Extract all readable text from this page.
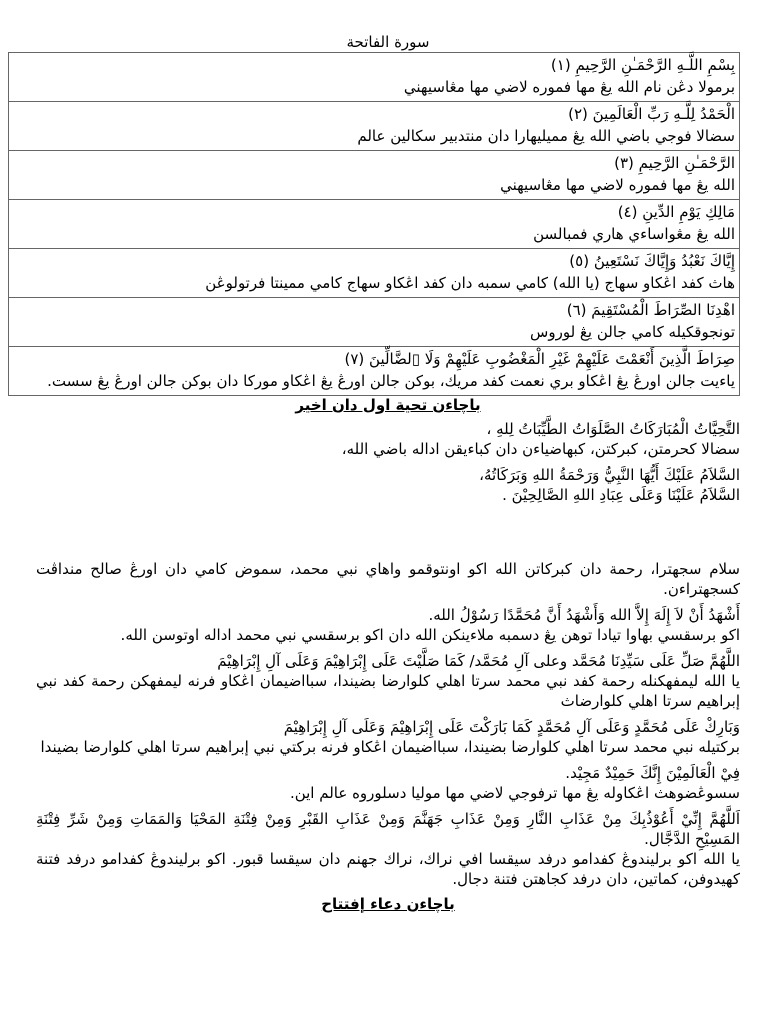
سورة الفاتحة
بِسْمِ اللَّـهِ الرَّحْمَـٰنِ الرَّحِيمِ (١)
برمولا دڠن نام الله يڠ مها فموره لاضي مها مڠاسيهني

الْحَمْدُ لِلَّـهِ رَبِّ الْعَالَمِينَ (٢)
سضالا فوجي باضي الله يڠ مميليهارا دان منتدبير سكالين عالم

الرَّحْمَـٰنِ الرَّحِيمِ (٣)
الله يڠ مها فموره لاضي مها مڠاسيهني

مَالِكِ يَوْمِ الدِّينِ (٤)
الله يڠ مڠواساءي هاري فمبالسن

إِيَّاكَ نَعْبُدُ وَإِيَّاكَ نَسْتَعِينُ (٥)
هاث كفد اڠكاو سهاج (يا الله) كامي سمبه دان كفد اڠكاو سهاج كامي ممينتا فرتولوڠن

اهْدِنَا الصِّرَاطَ الْمُسْتَقِيمَ (٦)
تونجوقكيله كامي جالن يڠ لوروس

صِرَاطَ الَّذِينَ أَنْعَمْتَ عَلَيْهِمْ غَيْرِ الْمَغْضُوبِ عَلَيْهِمْ وَلَا ▯لضَّالِّينَ (٧)
ياءيت جالن اورڠ يڠ اڠكاو بري نعمت كفد مريك، بوكن جالن اورڠ يڠ اڠكاو موركا دان بوكن جالن اورڠ يڠ سست.

باچاءن تحية اول دان اخير

التَّحِيَّاتُ الْمُبَارَكَاتُ الصَّلَوَاتُ الطَّيِّبَاتُ لِلهِ ،

سضالا كحرمتن، كبركتن، كبهاضياءن دان كباءيقن اداله باضي الله،

السَّلاَمُ عَلَيْكَ أَيُّهَا النَّبِيُّ وَرَحْمَةُ اللهِ وَبَرَكَاتُهُ،

السَّلاَمُ عَلَيْنَا وَعَلَى عِبَادِ اللهِ الصَّالِحِيْنَ .

سلام سجهترا، رحمة دان كبركاتن الله اكو اونتوقمو واهاي نبي محمد، سموض كامي دان اورڠ صالح منداڤت كسجهتراءن.

أَشْهَدُ أَنْ لاَ إِلَهَ إِلاَّ الله وَأَشْهَدُ أَنَّ مُحَمَّدًا رَسُوْلُ الله.

اكو برسقسي بهاوا تيادا توهن يڠ دسمبه ملاءينكن الله دان اكو برسقسي نبي محمد اداله اوتوسن الله.

اللَّهُمَّ صَلِّ عَلَى سَيِّدِنَا مُحَمَّد وعلى آلِ مُحَمَّد/ كَمَا صَلَّيْتَ عَلَى إِبْرَاهِيْمَ وَعَلَى آلِ إِبْرَاهِيْمَ

يا الله ليمفهكنله رحمة كفد نبي محمد سرتا اهلي كلوارضا بضيندا، سبااضيمان اڠكاو فرنه ليمفهكن رحمة كفد نبي إبراهيم سرتا اهلي كلوارضاث

وَبَارِكْ عَلَى مُحَمَّدٍ وَعَلَى آلِ مُحَمَّدٍ كَمَا بَارَكْتَ عَلَى إِبْرَاهِيْمَ وَعَلَى آلِ إِبْرَاهِيْمَ

بركتيله نبي محمد سرتا اهلي كلوارضا بضيندا، سبااضيمان اڠكاو فرنه بركتي نبي إبراهيم سرتا اهلي كلوارضا بضيندا

فِيْ الْعَالَمِيْنَ إِنَّكَ حَمِيْدٌ مَجِيْد.

سسوڠضوهث اڠكاوله يڠ مها ترفوجي لاضي مها موليا دسلوروه عالم اين.

اَللَّهُمَّ إِنِّيْ أَعُوْذُبِكَ مِنْ عَذَابِ النَّارِ وَمِنْ عَذَابِ جَهَنَّمَ وَمِنْ عَذَابِ القَبْرِ وَمِنْ فِتْنَةِ المَحْيَا وَالمَمَاتِ وَمِنْ شَرِّ فِتْنَةِ المَسِيْحِ الدَّجَّال.

يا الله اكو برليندوڠ كفدامو درفد سيقسا افي نراك، نراك جهنم دان سيقسا قبور. اكو برليندوڠ كفدامو درفد فتنة كهيدوفن، كماتين، دان درفد كجاهتن فتنة دجال.

باچاءن دعاء إفتتاح
